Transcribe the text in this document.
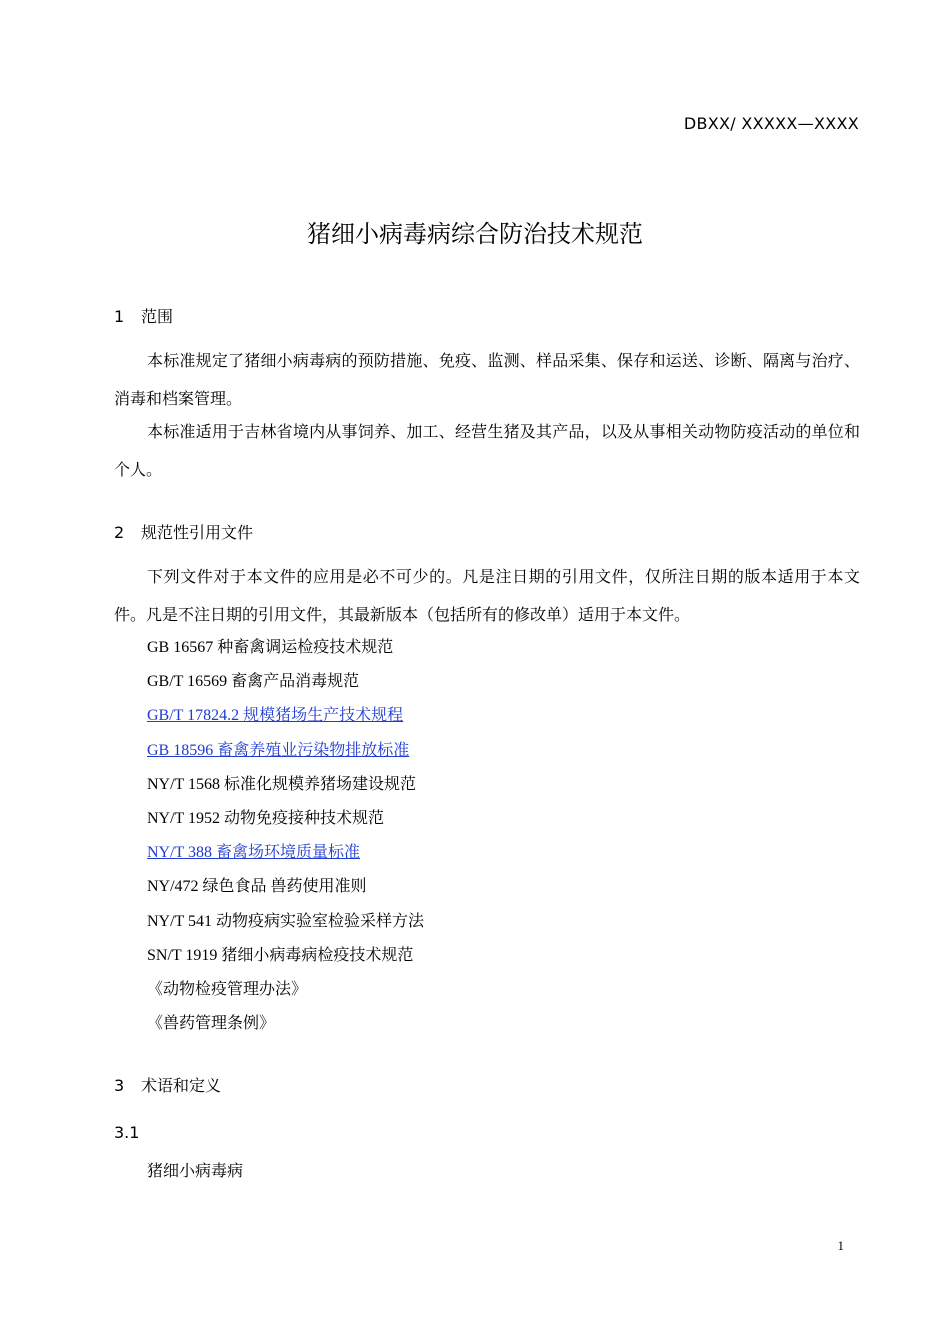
DBXX/ XXXXX—XXXX
猪细小病毒病综合防治技术规范
1 范围

本标准规定了猪细小病毒病的预防措施、免疫、监测、样品采集、保存和运送、诊断、隔离与治疗、消毒和档案管理。

本标准适用于吉林省境内从事饲养、加工、经营生猪及其产品，以及从事相关动物防疫活动的单位和个人。

2 规范性引用文件

下列文件对于本文件的应用是必不可少的。凡是注日期的引用文件，仅所注日期的版本适用于本文件。凡是不注日期的引用文件，其最新版本（包括所有的修改单）适用于本文件。

GB 16567 种畜禽调运检疫技术规范
GB/T 16569 畜禽产品消毒规范
GB/T 17824.2 规模猪场生产技术规程
GB 18596 畜禽养殖业污染物排放标准
NY/T 1568 标准化规模养猪场建设规范
NY/T 1952 动物免疫接种技术规范
NY/T 388 畜禽场环境质量标准
NY/472 绿色食品 兽药使用准则
NY/T 541 动物疫病实验室检验采样方法
SN/T 1919 猪细小病毒病检疫技术规范
《动物检疫管理办法》
《兽药管理条例》
3 术语和定义
3.1
猪细小病毒病
1
